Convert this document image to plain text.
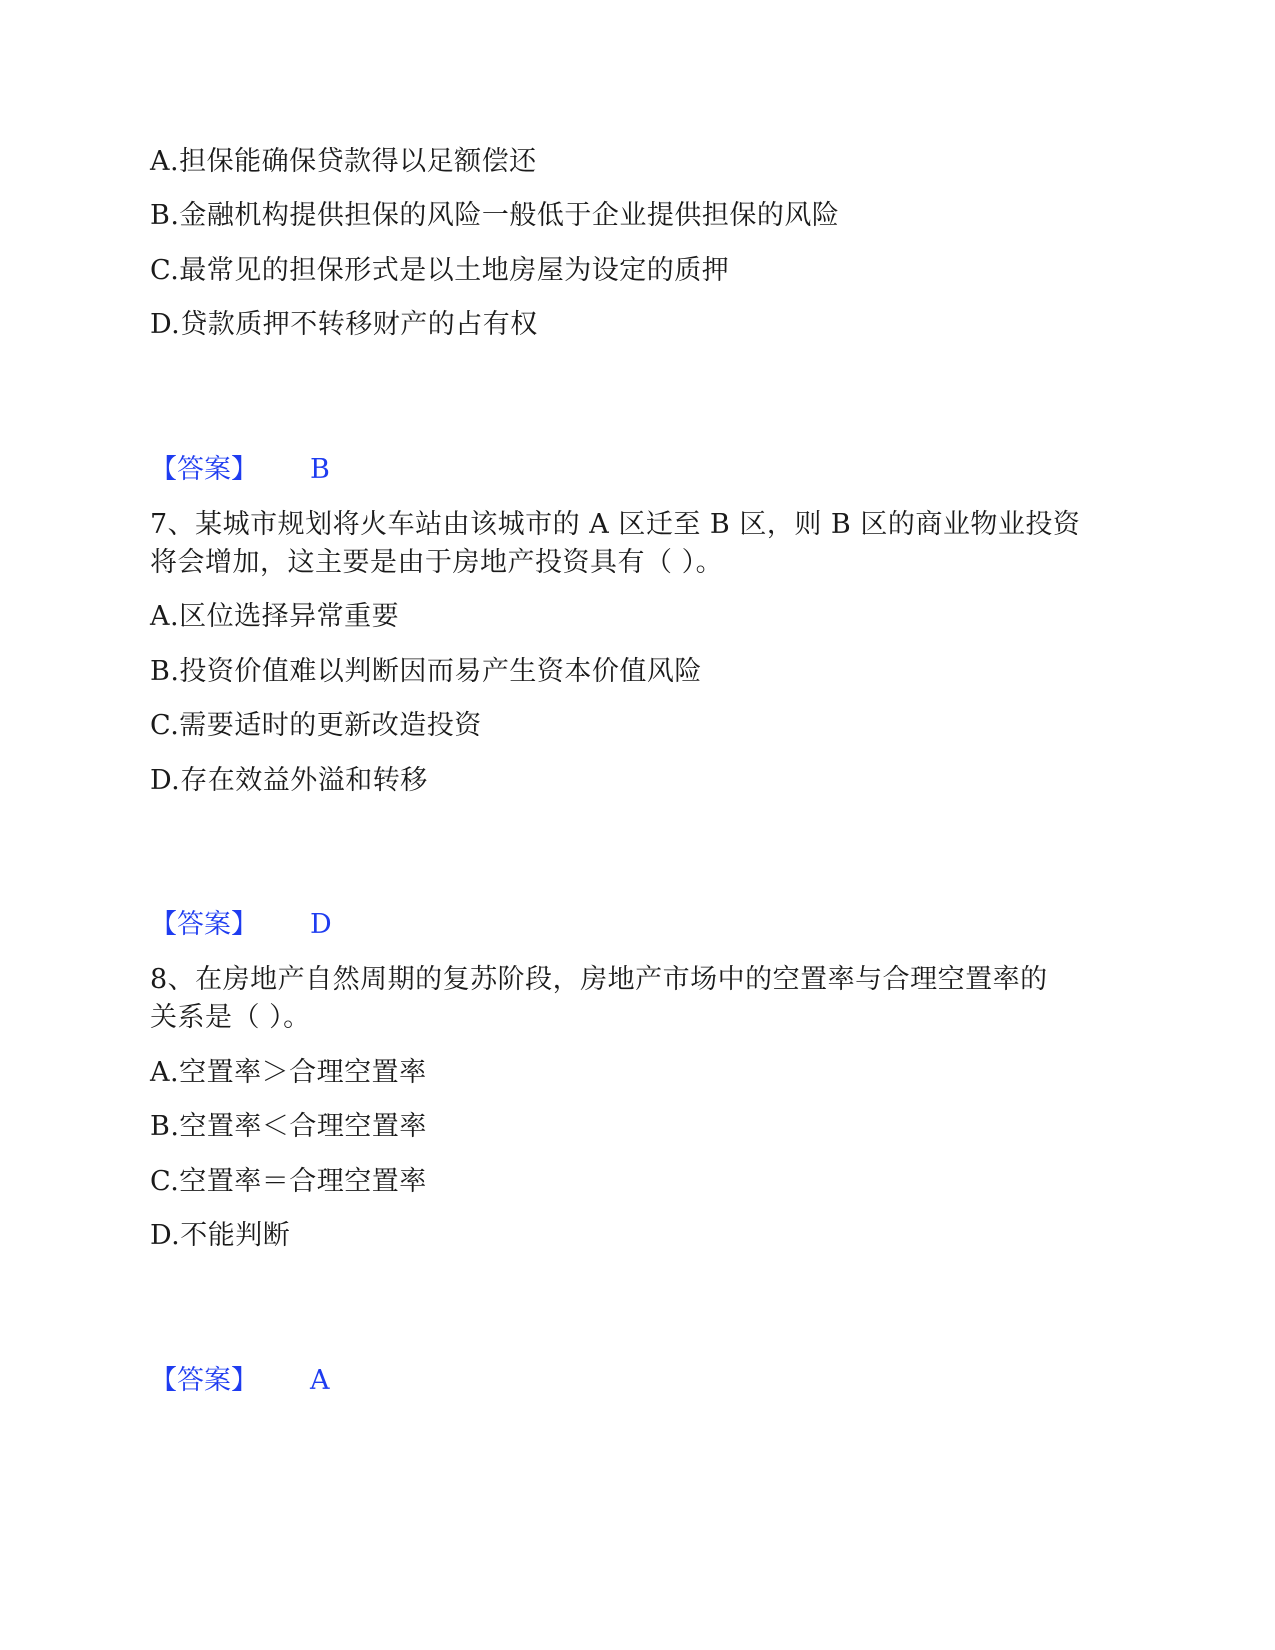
A.担保能确保贷款得以足额偿还
B.金融机构提供担保的风险一般低于企业提供担保的风险
C.最常见的担保形式是以土地房屋为设定的质押
D.贷款质押不转移财产的占有权
【答案】 B
7、某城市规划将火车站由该城市的 A 区迁至 B 区，则 B 区的商业物业投资
将会增加，这主要是由于房地产投资具有（ ）。
A.区位选择异常重要
B.投资价值难以判断因而易产生资本价值风险
C.需要适时的更新改造投资
D.存在效益外溢和转移
【答案】 D
8、在房地产自然周期的复苏阶段，房地产市场中的空置率与合理空置率的
关系是（ ）。
A.空置率＞合理空置率
B.空置率＜合理空置率
C.空置率＝合理空置率
D.不能判断
【答案】 A
